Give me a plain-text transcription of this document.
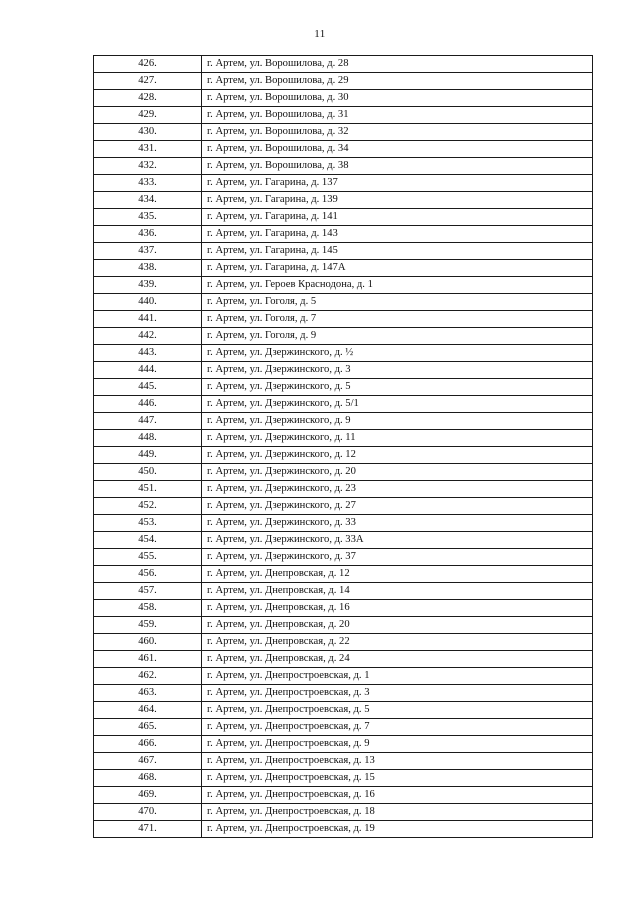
11
426.	г. Артем, ул. Ворошилова, д. 28
427.	г. Артем, ул. Ворошилова, д. 29
428.	г. Артем, ул. Ворошилова, д. 30
429.	г. Артем, ул. Ворошилова, д. 31
430.	г. Артем, ул. Ворошилова, д. 32
431.	г. Артем, ул. Ворошилова, д. 34
432.	г. Артем, ул. Ворошилова, д. 38
433.	г. Артем, ул. Гагарина, д. 137
434.	г. Артем, ул. Гагарина, д. 139
435.	г. Артем, ул. Гагарина, д. 141
436.	г. Артем, ул. Гагарина, д. 143
437.	г. Артем, ул. Гагарина, д. 145
438.	г. Артем, ул. Гагарина, д. 147А
439.	г. Артем, ул. Героев Краснодона, д. 1
440.	г. Артем, ул. Гоголя, д. 5
441.	г. Артем, ул. Гоголя, д. 7
442.	г. Артем, ул. Гоголя, д. 9
443.	г. Артем, ул. Дзержинского, д. ½
444.	г. Артем, ул. Дзержинского, д. 3
445.	г. Артем, ул. Дзержинского, д. 5
446.	г. Артем, ул. Дзержинского, д. 5/1
447.	г. Артем, ул. Дзержинского, д. 9
448.	г. Артем, ул. Дзержинского, д. 11
449.	г. Артем, ул. Дзержинского, д. 12
450.	г. Артем, ул. Дзержинского, д. 20
451.	г. Артем, ул. Дзержинского, д. 23
452.	г. Артем, ул. Дзержинского, д. 27
453.	г. Артем, ул. Дзержинского, д. 33
454.	г. Артем, ул. Дзержинского, д. 33А
455.	г. Артем, ул. Дзержинского, д. 37
456.	г. Артем, ул. Днепровская, д. 12
457.	г. Артем, ул. Днепровская, д. 14
458.	г. Артем, ул. Днепровская, д. 16
459.	г. Артем, ул. Днепровская, д. 20
460.	г. Артем, ул. Днепровская, д. 22
461.	г. Артем, ул. Днепровская, д. 24
462.	г. Артем, ул. Днепростроевская, д. 1
463.	г. Артем, ул. Днепростроевская, д. 3
464.	г. Артем, ул. Днепростроевская, д. 5
465.	г. Артем, ул. Днепростроевская, д. 7
466.	г. Артем, ул. Днепростроевская, д. 9
467.	г. Артем, ул. Днепростроевская, д. 13
468.	г. Артем, ул. Днепростроевская, д. 15
469.	г. Артем, ул. Днепростроевская, д. 16
470.	г. Артем, ул. Днепростроевская, д. 18
471.	г. Артем, ул. Днепростроевская, д. 19
